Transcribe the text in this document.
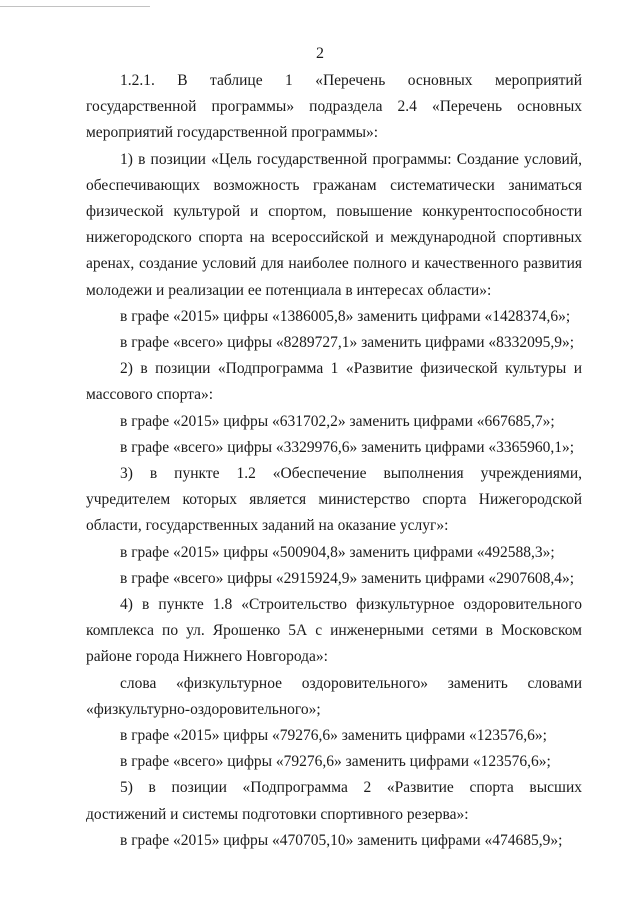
2
1.2.1. В таблице 1 «Перечень основных мероприятий
государственной программы» подраздела 2.4 «Перечень основных
мероприятий государственной программы»:
1) в позиции «Цель государственной программы: Создание условий,
обеспечивающих возможность гражанам систематически заниматься
физической культурой и спортом, повышение конкурентоспособности
нижегородского спорта на всероссийской и международной спортивных
аренах, создание условий для наиболее полного и качественного развития
молодежи и реализации ее потенциала в интересах области»:
в графе «2015» цифры «1386005,8» заменить цифрами «1428374,6»;
в графе «всего» цифры «8289727,1» заменить цифрами «8332095,9»;
2) в позиции «Подпрограмма 1 «Развитие физической культуры и
массового спорта»:
в графе «2015» цифры «631702,2» заменить цифрами «667685,7»;
в графе «всего» цифры «3329976,6» заменить цифрами «3365960,1»;
3) в пункте 1.2 «Обеспечение выполнения учреждениями,
учредителем которых является министерство спорта Нижегородской
области, государственных заданий на оказание услуг»:
в графе «2015» цифры «500904,8» заменить цифрами «492588,3»;
в графе «всего» цифры «2915924,9» заменить цифрами «2907608,4»;
4) в пункте 1.8 «Строительство физкультурное оздоровительного
комплекса по ул. Ярошенко 5А с инженерными сетями в Московском
районе города Нижнего Новгорода»:
слова «физкультурное оздоровительного» заменить словами
«физкультурно-оздоровительного»;
в графе «2015» цифры «79276,6» заменить цифрами «123576,6»;
в графе «всего» цифры «79276,6» заменить цифрами «123576,6»;
5) в позиции «Подпрограмма 2 «Развитие спорта высших
достижений и системы подготовки спортивного резерва»:
в графе «2015» цифры «470705,10» заменить цифрами «474685,9»;
